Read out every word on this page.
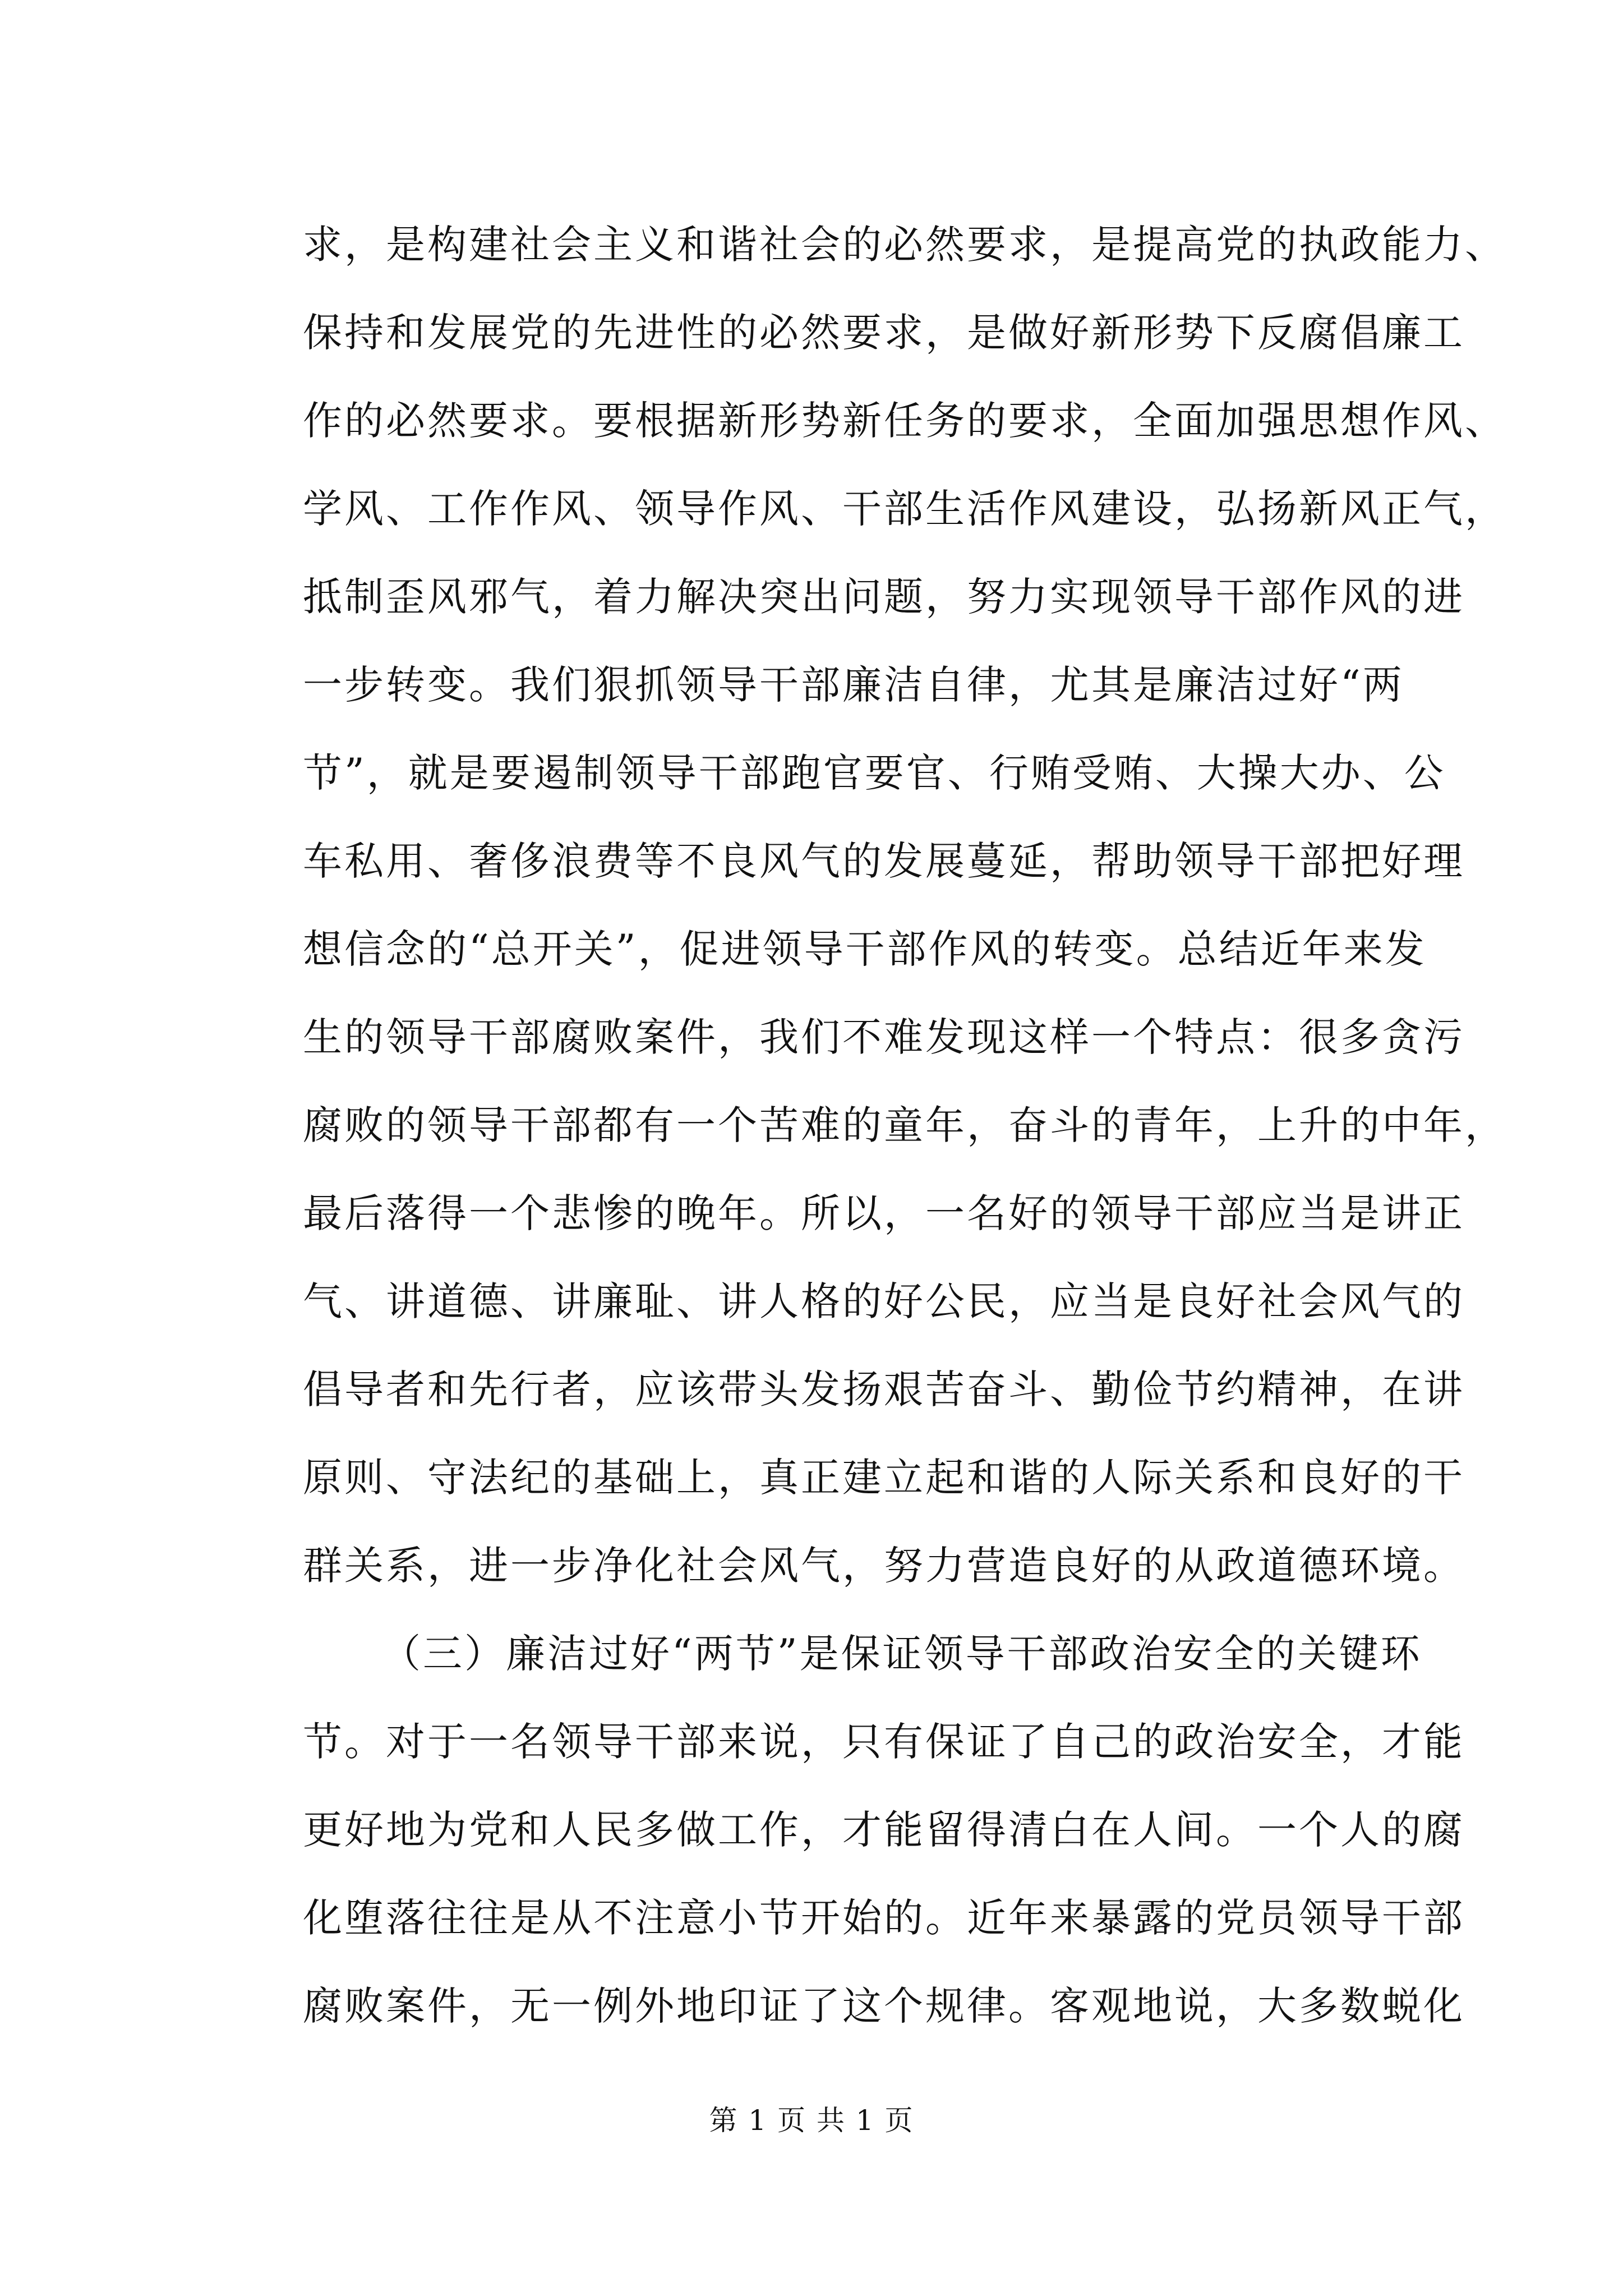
求，是构建社会主义和谐社会的必然要求，是提高党的执政能力、
保持和发展党的先进性的必然要求，是做好新形势下反腐倡廉工
作的必然要求。要根据新形势新任务的要求，全面加强思想作风、
学风、工作作风、领导作风、干部生活作风建设，弘扬新风正气，
抵制歪风邪气，着力解决突出问题，努力实现领导干部作风的进
一步转变。我们狠抓领导干部廉洁自律，尤其是廉洁过好“两
节”，就是要遏制领导干部跑官要官、行贿受贿、大操大办、公
车私用、奢侈浪费等不良风气的发展蔓延，帮助领导干部把好理
想信念的“总开关”，促进领导干部作风的转变。总结近年来发
生的领导干部腐败案件，我们不难发现这样一个特点：很多贪污
腐败的领导干部都有一个苦难的童年，奋斗的青年，上升的中年，
最后落得一个悲惨的晚年。所以，一名好的领导干部应当是讲正
气、讲道德、讲廉耻、讲人格的好公民，应当是良好社会风气的
倡导者和先行者，应该带头发扬艰苦奋斗、勤俭节约精神，在讲
原则、守法纪的基础上，真正建立起和谐的人际关系和良好的干
群关系，进一步净化社会风气，努力营造良好的从政道德环境。
（三）廉洁过好“两节”是保证领导干部政治安全的关键环
节。对于一名领导干部来说，只有保证了自己的政治安全，才能
更好地为党和人民多做工作，才能留得清白在人间。一个人的腐
化堕落往往是从不注意小节开始的。近年来暴露的党员领导干部
腐败案件，无一例外地印证了这个规律。客观地说，大多数蜕化
第 1 页 共 1 页
